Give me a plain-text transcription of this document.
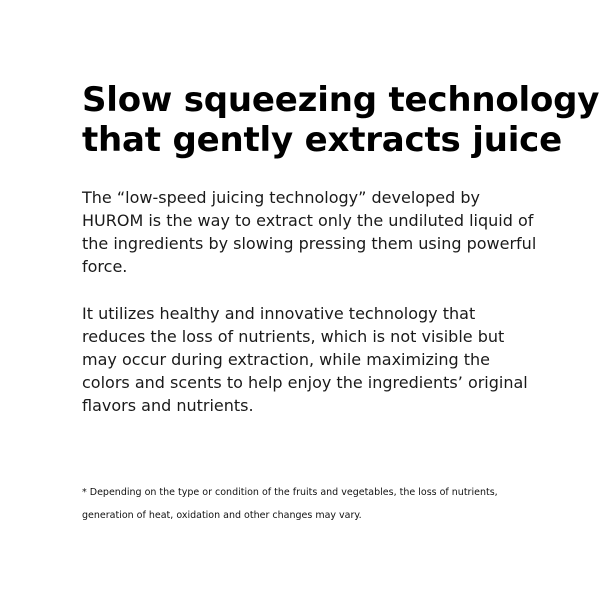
Slow squeezing technology
that gently extracts juice

The “low-speed juicing technology” developed by HUROM is the way to extract only the undiluted liquid of the ingredients by slowing pressing them using powerful force.

It utilizes healthy and innovative technology that reduces the loss of nutrients, which is not visible but may occur during extraction, while maximizing the colors and scents to help enjoy the ingredients’ original flavors and nutrients.

* Depending on the type or condition of the fruits and vegetables, the loss of nutrients, generation of heat, oxidation and other changes may vary.
